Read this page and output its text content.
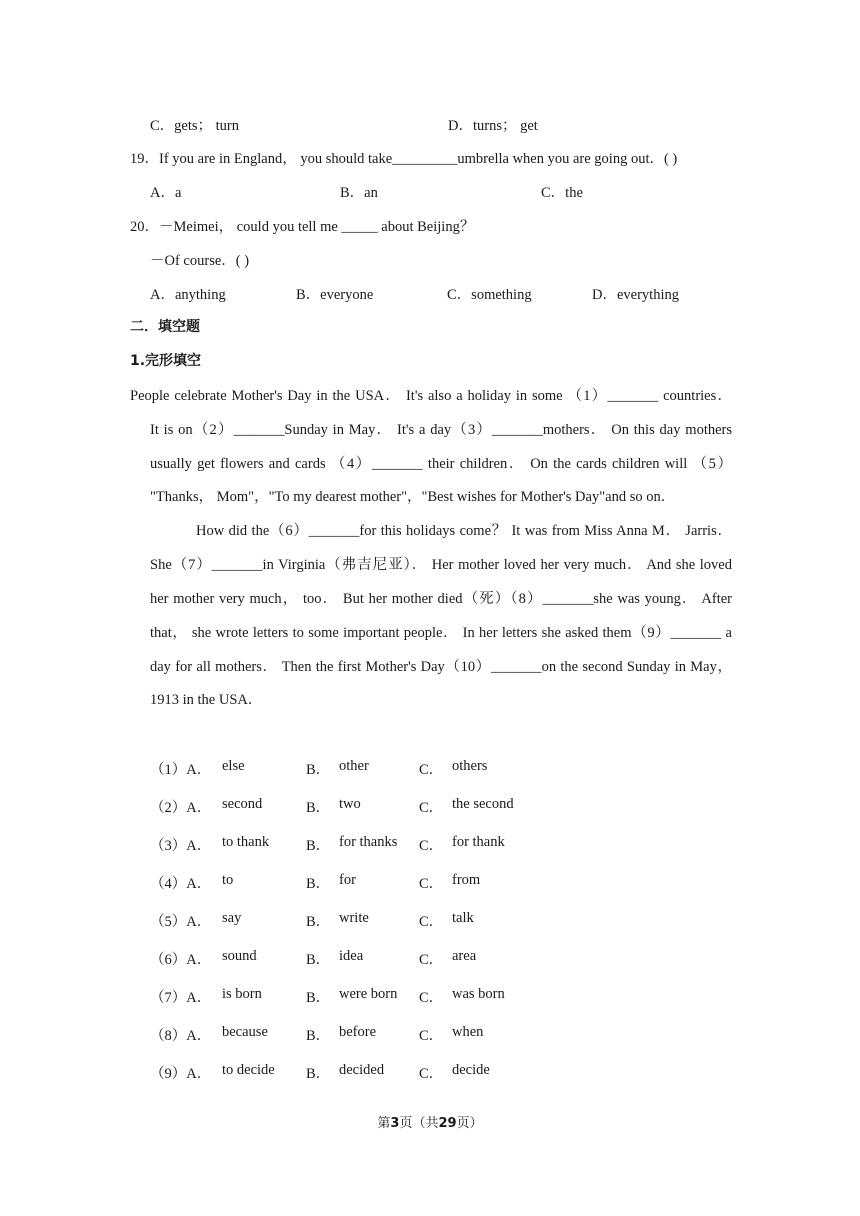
C．gets； turn	D．turns； get
19．If you are in England， you should take_________umbrella when you are going out．( )
A．a	B．an	C．the
20．－Meimei， could you tell me _____ about Beijing？
－Of course．( )
A．anything	B．everyone	C．something	D．everything
二．填空题
1.完形填空
People celebrate Mother's Day in the USA． It's also a holiday in some （1）_______ countries．
It is on（2）_______Sunday in May． It's a day（3）_______mothers． On this day mothers
usually get flowers and cards （4）_______ their children． On the cards children will （5）
"Thanks， Mom"，"To my dearest mother"，"Best wishes for Mother's Day"and so on．
How did the（6）_______for this holidays come？ It was from Miss Anna M． Jarris．
She（7）_______in Virginia（弗吉尼亚）． Her mother loved her very much． And she loved
her mother very much， too． But her mother died（死）（8）_______she was young． After
that， she wrote letters to some important people． In her letters she asked them（9）_______ a
day for all mothers． Then the first Mother's Day（10）_______on the second Sunday in May，
1913 in the USA．
（1）A． else	B． other	C． others
（2）A． second	B． two	C． the second
（3）A． to thank	B． for thanks C． for thank
（4）A． to	B． for	C． from
（5）A． say	B． write	C． talk
（6）A． sound	B． idea	C． area
（7）A． is born	B． were born C． was born
（8）A． because	B． before	C． when
（9）A． to decide B． decided C． decide
第3页（共29页）
